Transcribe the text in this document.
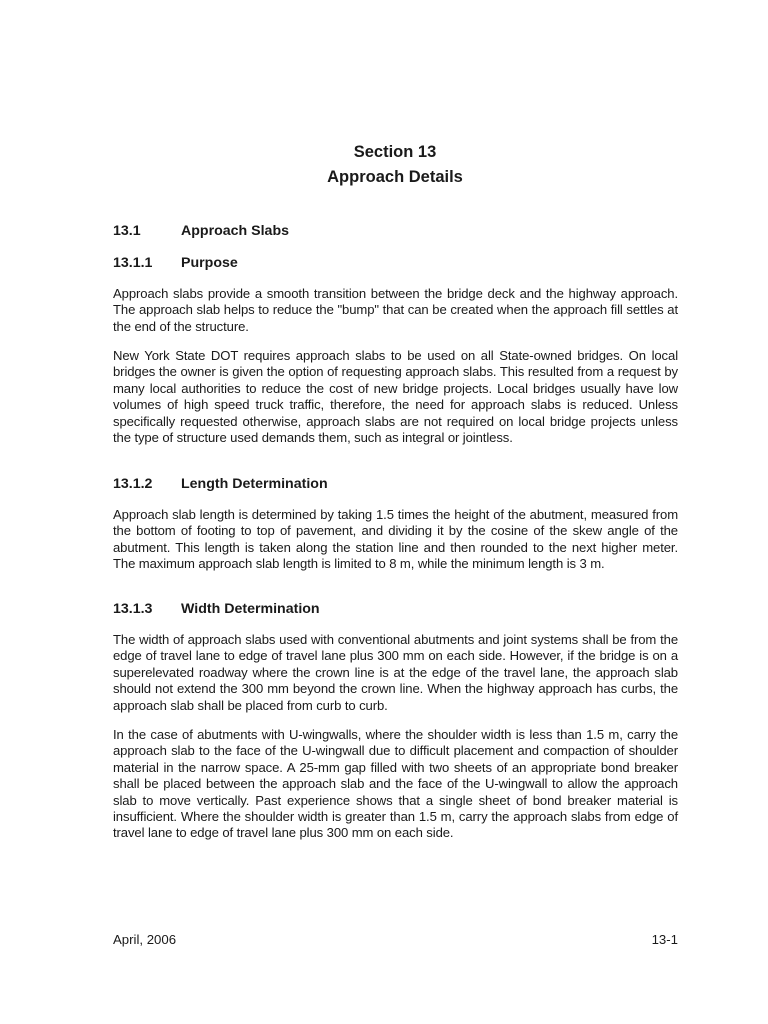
Section 13

Approach Details

13.1	Approach Slabs

13.1.1 Purpose

Approach slabs provide a smooth transition between the bridge deck and the highway approach. The approach slab helps to reduce the "bump" that can be created when the approach fill settles at the end of the structure.

New York State DOT requires approach slabs to be used on all State-owned bridges. On local bridges the owner is given the option of requesting approach slabs. This resulted from a request by many local authorities to reduce the cost of new bridge projects. Local bridges usually have low volumes of high speed truck traffic, therefore, the need for approach slabs is reduced. Unless specifically requested otherwise, approach slabs are not required on local bridge projects unless the type of structure used demands them, such as integral or jointless.

13.1.2 Length Determination

Approach slab length is determined by taking 1.5 times the height of the abutment, measured from the bottom of footing to top of pavement, and dividing it by the cosine of the skew angle of the abutment. This length is taken along the station line and then rounded to the next higher meter. The maximum approach slab length is limited to 8 m, while the minimum length is 3 m.

13.1.3 Width Determination

The width of approach slabs used with conventional abutments and joint systems shall be from the edge of travel lane to edge of travel lane plus 300 mm on each side. However, if the bridge is on a superelevated roadway where the crown line is at the edge of the travel lane, the approach slab should not extend the 300 mm beyond the crown line. When the highway approach has curbs, the approach slab shall be placed from curb to curb.

In the case of abutments with U-wingwalls, where the shoulder width is less than 1.5 m, carry the approach slab to the face of the U-wingwall due to difficult placement and compaction of shoulder material in the narrow space. A 25-mm gap filled with two sheets of an appropriate bond breaker shall be placed between the approach slab and the face of the U-wingwall to allow the approach slab to move vertically. Past experience shows that a single sheet of bond breaker material is insufficient. Where the shoulder width is greater than 1.5 m, carry the approach slabs from edge of travel lane to edge of travel lane plus 300 mm on each side.

April, 2006	13-1
